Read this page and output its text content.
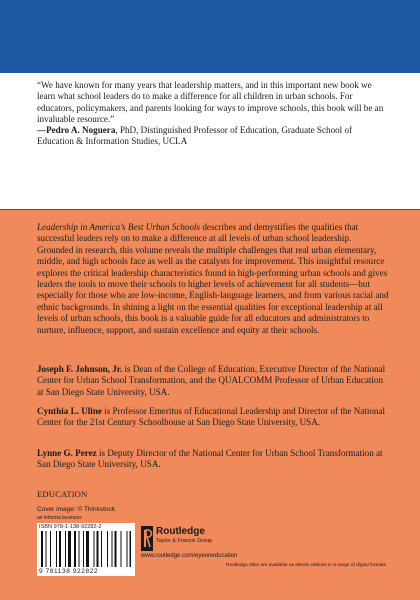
“We have known for many years that leadership matters, and in this important new book we learn what school leaders do to make a difference for all children in urban schools. For educators, policymakers, and parents looking for ways to improve schools, this book will be an invaluable resource.”

—Pedro A. Noguera, PhD, Distinguished Professor of Education, Graduate School of Education & Information Studies, UCLA

Leadership in America’s Best Urban Schools describes and demystifies the qualities that successful leaders rely on to make a difference at all levels of urban school leadership. Grounded in research, this volume reveals the multiple challenges that real urban elementary, middle, and high schools face as well as the catalysts for improvement. This insightful resource explores the critical leadership characteristics found in high-performing urban schools and gives leaders the tools to move their schools to higher levels of achievement for all students—but especially for those who are low-income, English-language learners, and from various racial and ethnic backgrounds. In shining a light on the essential qualities for exceptional leadership at all levels of urban schools, this book is a valuable guide for all educators and administrators to nurture, influence, support, and sustain excellence and equity at their schools.

Joseph F. Johnson, Jr. is Dean of the College of Education, Executive Director of the National Center for Urban School Transformation, and the QUALCOMM Professor of Urban Education at San Diego State University, USA.

Cynthia L. Uline is Professor Emeritus of Educational Leadership and Director of the National Center for the 21st Century Schoolhouse at San Diego State University, USA.

Lynne G. Perez is Deputy Director of the National Center for Urban School Transformation at San Diego State University, USA.

EDUCATION
Cover image: © Thinkstock
an informa business
ISBN 978-1-138-92282-2
9 781138 922822
Routledge
Taylor & Francis Group
www.routledge.com/eyeoneducation
Routledge titles are available as eBook editions in a range of digital formats
